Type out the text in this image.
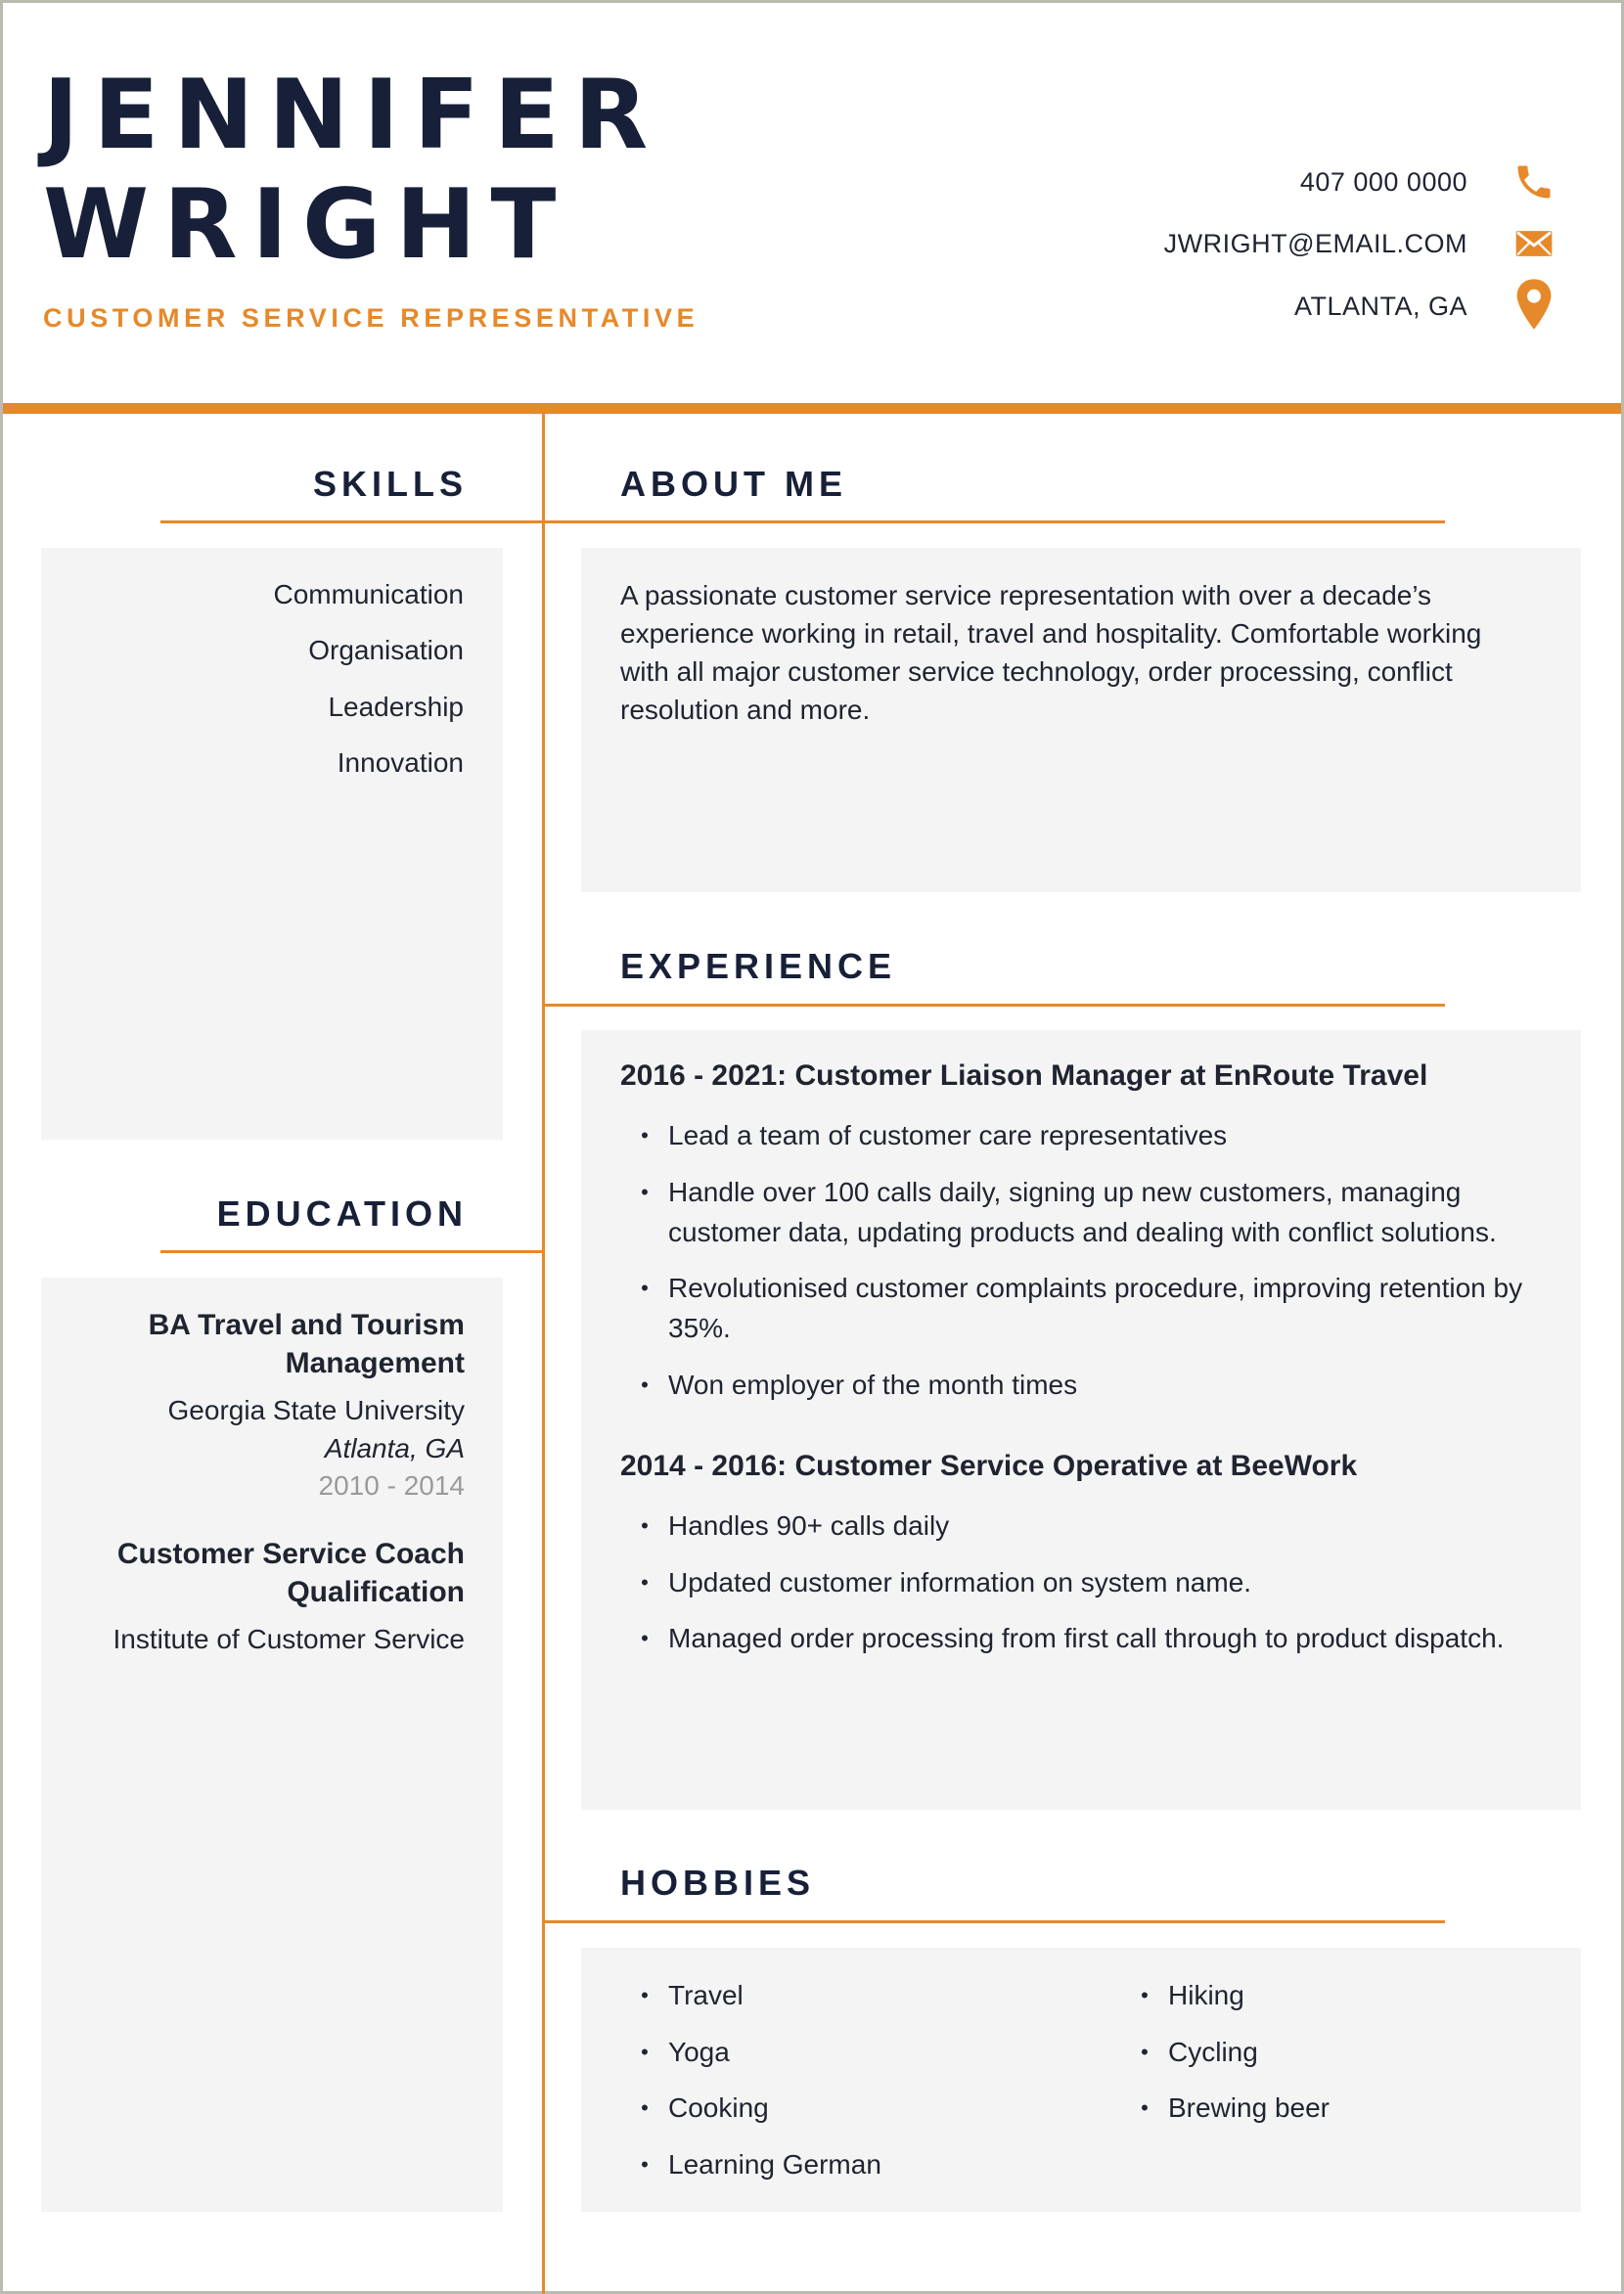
JENNIFER
WRIGHT
CUSTOMER SERVICE REPRESENTATIVE
407 000 0000
JWRIGHT@EMAIL.COM
ATLANTA, GA
SKILLS
Communication
Organisation
Leadership
Innovation
EDUCATION
BA Travel and Tourism
Management
Georgia State University
Atlanta, GA
2010 - 2014
Customer Service Coach
Qualification
Institute of Customer Service
ABOUT ME

A passionate customer service representation with over a decade’s
experience working in retail, travel and hospitality. Comfortable working
with all major customer service technology, order processing, conflict
resolution and more.

EXPERIENCE
2016 - 2021: Customer Liaison Manager at EnRoute Travel
• Lead a team of customer care representatives
• Handle over 100 calls daily, signing up new customers, managing customer data, updating products and dealing with conflict solutions.
• Revolutionised customer complaints procedure, improving retention by 35%.
• Won employer of the month times
2014 - 2016: Customer Service Operative at BeeWork
• Handles 90+ calls daily
• Updated customer information on system name.
• Managed order processing from first call through to product dispatch.
HOBBIES
• Travel
• Yoga
• Cooking
• Learning German
• Hiking
• Cycling
• Brewing beer
